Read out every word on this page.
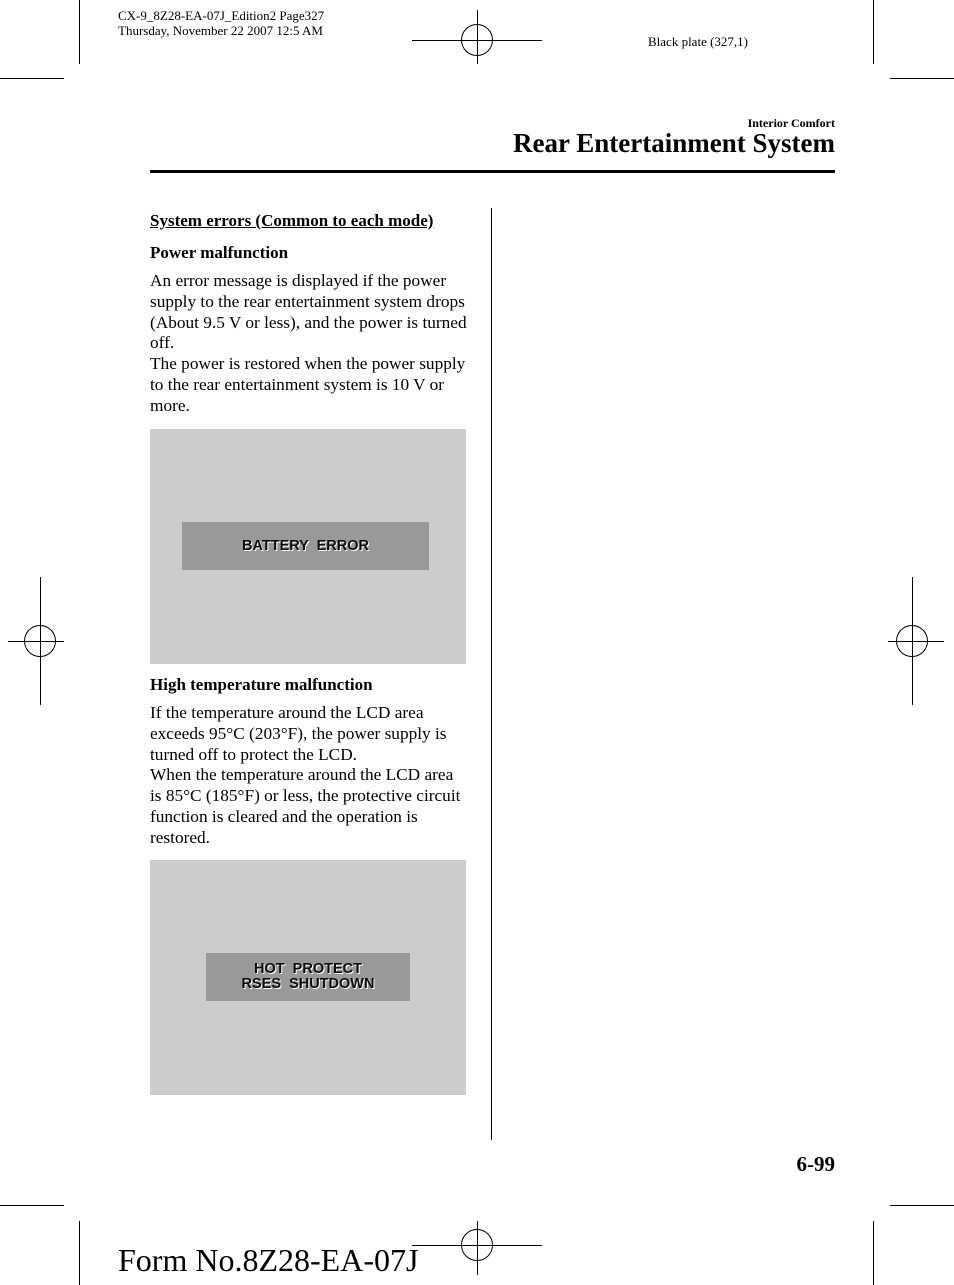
CX-9_8Z28-EA-07J_Edition2 Page327
Thursday, November 22 2007 12:5 AM
Black plate (327,1)
Interior Comfort
Rear Entertainment System
System errors (Common to each mode)
Power malfunction

An error message is displayed if the power supply to the rear entertainment system drops (About 9.5 V or less), and the power is turned off.

The power is restored when the power supply to the rear entertainment system is 10 V or more.

BATTERY  ERROR
High temperature malfunction

If the temperature around the LCD area exceeds 95°C (203°F), the power supply is turned off to protect the LCD.

When the temperature around the LCD area is 85°C (185°F) or less, the protective circuit function is cleared and the operation is restored.

HOT  PROTECT
RSES  SHUTDOWN
6-99
Form No.8Z28-EA-07J
